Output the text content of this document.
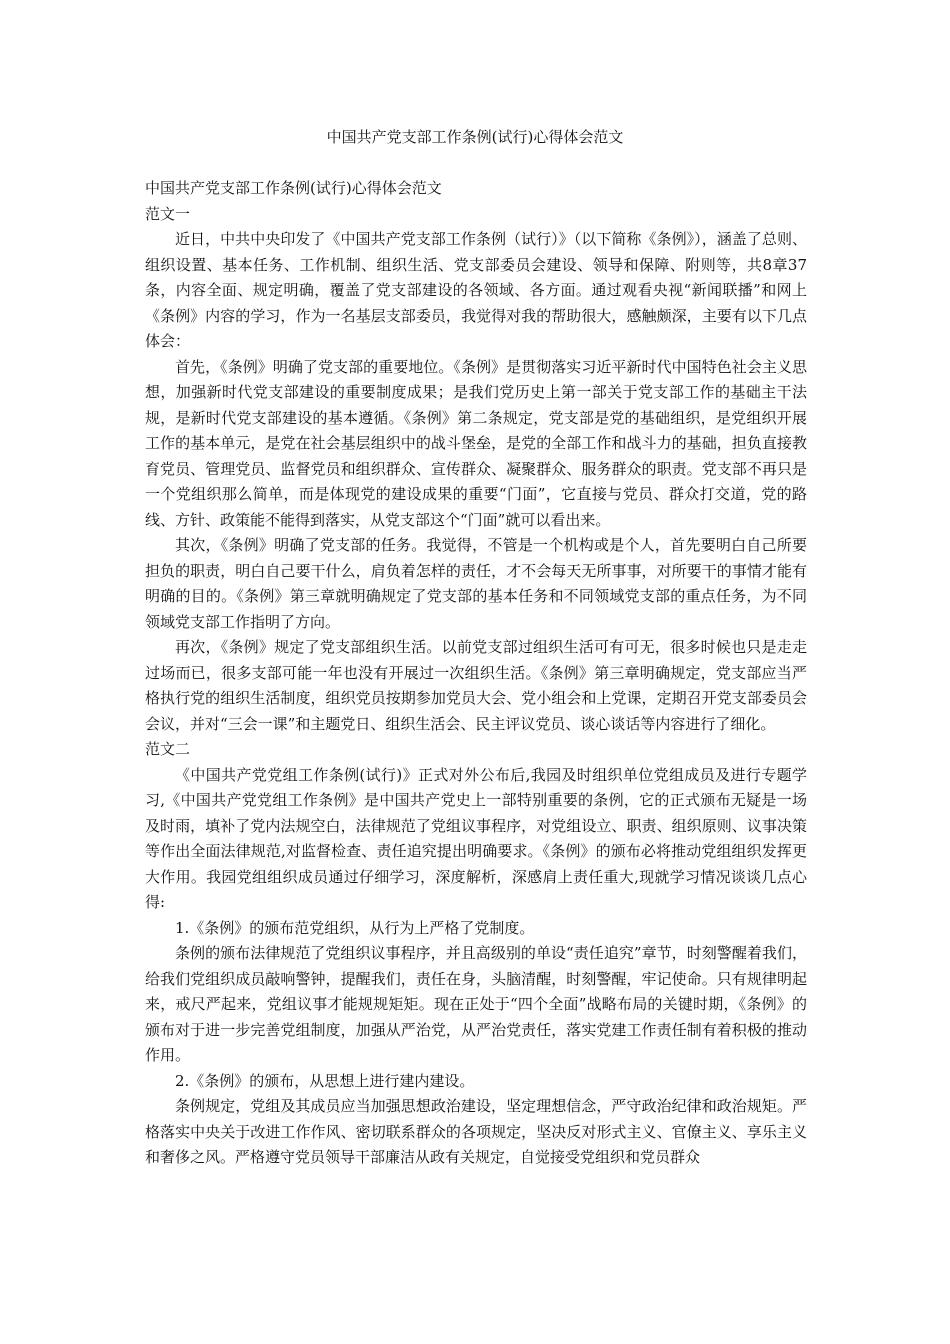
中国共产党支部工作条例(试行)心得体会范文

中国共产党支部工作条例(试行)心得体会范文

范文一

近日，中共中央印发了《中国共产党支部工作条例（试行）》（以下简称《条例》），涵盖了总则、组织设置、基本任务、工作机制、组织生活、党支部委员会建设、领导和保障、附则等，共8章37条，内容全面、规定明确，覆盖了党支部建设的各领域、各方面。通过观看央视“新闻联播”和网上《条例》内容的学习，作为一名基层支部委员，我觉得对我的帮助很大，感触颇深，主要有以下几点体会：

首先，《条例》明确了党支部的重要地位。《条例》是贯彻落实习近平新时代中国特色社会主义思想，加强新时代党支部建设的重要制度成果；是我们党历史上第一部关于党支部工作的基础主干法规，是新时代党支部建设的基本遵循。《条例》第二条规定，党支部是党的基础组织，是党组织开展工作的基本单元，是党在社会基层组织中的战斗堡垒，是党的全部工作和战斗力的基础，担负直接教育党员、管理党员、监督党员和组织群众、宣传群众、凝聚群众、服务群众的职责。党支部不再只是一个党组织那么简单，而是体现党的建设成果的重要“门面”，它直接与党员、群众打交道，党的路线、方针、政策能不能得到落实，从党支部这个“门面”就可以看出来。

其次，《条例》明确了党支部的任务。我觉得，不管是一个机构或是个人，首先要明白自己所要担负的职责，明白自己要干什么，肩负着怎样的责任，才不会每天无所事事，对所要干的事情才能有明确的目的。《条例》第三章就明确规定了党支部的基本任务和不同领域党支部的重点任务，为不同领域党支部工作指明了方向。

再次，《条例》规定了党支部组织生活。以前党支部过组织生活可有可无，很多时候也只是走走过场而已，很多支部可能一年也没有开展过一次组织生活。《条例》第三章明确规定，党支部应当严格执行党的组织生活制度，组织党员按期参加党员大会、党小组会和上党课，定期召开党支部委员会会议，并对“三会一课”和主题党日、组织生活会、民主评议党员、谈心谈话等内容进行了细化。

范文二

《中国共产党党组工作条例(试行)》正式对外公布后,我园及时组织单位党组成员及进行专题学习,《中国共产党党组工作条例》是中国共产党史上一部特别重要的条例，它的正式颁布无疑是一场及时雨，填补了党内法规空白，法律规范了党组议事程序，对党组设立、职责、组织原则、议事决策等作出全面法律规范,对监督检查、责任追究提出明确要求。《条例》的颁布必将推动党组组织发挥更大作用。我园党组组织成员通过仔细学习，深度解析，深感肩上责任重大,现就学习情况谈谈几点心得:

1.《条例》的颁布范党组织，从行为上严格了党制度。

条例的颁布法律规范了党组织议事程序，并且高级别的单设“责任追究”章节，时刻警醒着我们，给我们党组织成员敲响警钟，提醒我们，责任在身，头脑清醒，时刻警醒，牢记使命。只有规律明起来，戒尺严起来，党组议事才能规规矩矩。现在正处于“四个全面”战略布局的关键时期，《条例》的颁布对于进一步完善党组制度，加强从严治党，从严治党责任，落实党建工作责任制有着积极的推动作用。

2.《条例》的颁布，从思想上进行建内建设。

条例规定，党组及其成员应当加强思想政治建设，坚定理想信念，严守政治纪律和政治规矩。严格落实中央关于改进工作作风、密切联系群众的各项规定，坚决反对形式主义、官僚主义、享乐主义和奢侈之风。严格遵守党员领导干部廉洁从政有关规定，自觉接受党组织和党员群众
